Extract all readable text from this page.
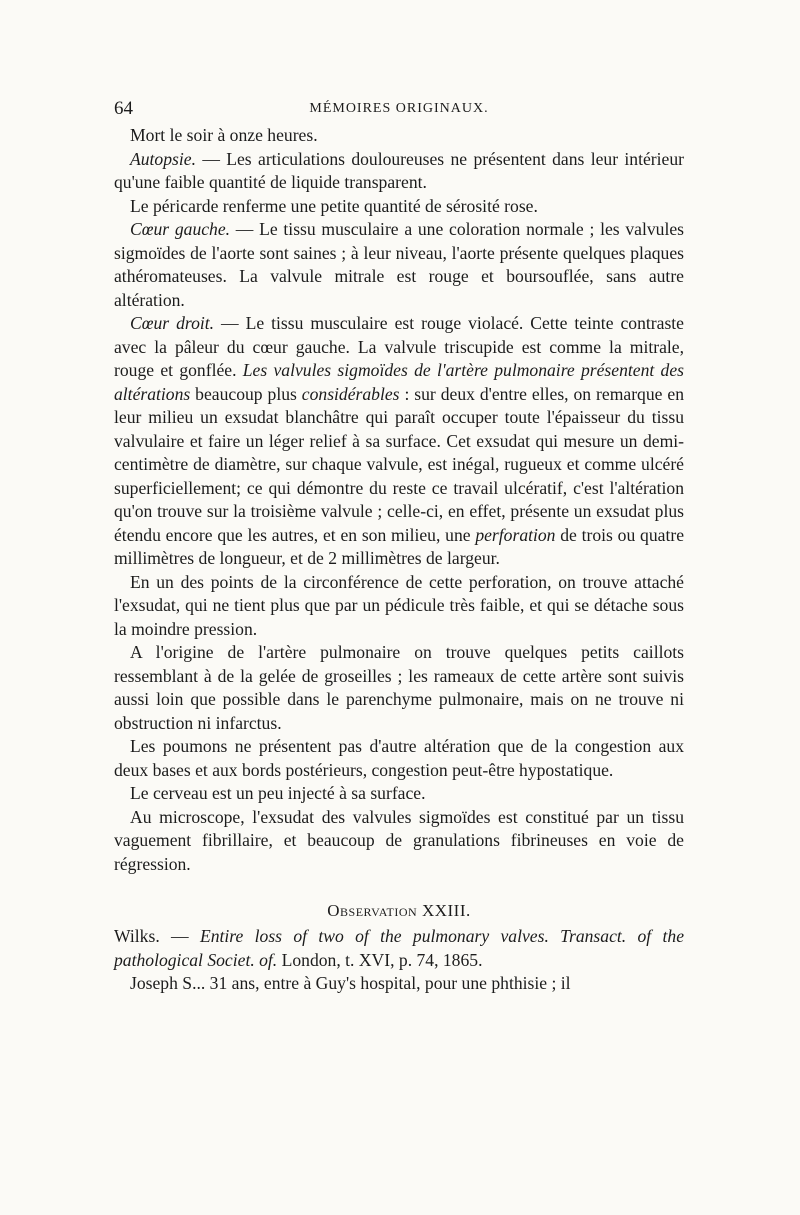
64	MÉMOIRES ORIGINAUX.

Mort le soir à onze heures.

Autopsie. — Les articulations douloureuses ne présentent dans leur intérieur qu'une faible quantité de liquide transparent.

Le péricarde renferme une petite quantité de sérosité rose.

Cœur gauche. — Le tissu musculaire a une coloration normale ; les valvules sigmoïdes de l'aorte sont saines ; à leur niveau, l'aorte présente quelques plaques athéromateuses. La valvule mitrale est rouge et boursouflée, sans autre altération.

Cœur droit. — Le tissu musculaire est rouge violacé. Cette teinte contraste avec la pâleur du cœur gauche. La valvule triscupide est comme la mitrale, rouge et gonflée. Les valvules sigmoïdes de l'artère pulmonaire présentent des altérations beaucoup plus considérables : sur deux d'entre elles, on remarque en leur milieu un exsudat blanchâtre qui paraît occuper toute l'épaisseur du tissu valvulaire et faire un léger relief à sa surface. Cet exsudat qui mesure un demi-centimètre de diamètre, sur chaque valvule, est inégal, rugueux et comme ulcéré superficiellement; ce qui démontre du reste ce travail ulcératif, c'est l'altération qu'on trouve sur la troisième valvule ; celle-ci, en effet, présente un exsudat plus étendu encore que les autres, et en son milieu, une perforation de trois ou quatre millimètres de longueur, et de 2 millimètres de largeur.

En un des points de la circonférence de cette perforation, on trouve attaché l'exsudat, qui ne tient plus que par un pédicule très faible, et qui se détache sous la moindre pression.

A l'origine de l'artère pulmonaire on trouve quelques petits caillots ressemblant à de la gelée de groseilles ; les rameaux de cette artère sont suivis aussi loin que possible dans le parenchyme pulmonaire, mais on ne trouve ni obstruction ni infarctus.

Les poumons ne présentent pas d'autre altération que de la congestion aux deux bases et aux bords postérieurs, congestion peut-être hypostatique.

Le cerveau est un peu injecté à sa surface.

Au microscope, l'exsudat des valvules sigmoïdes est constitué par un tissu vaguement fibrillaire, et beaucoup de granulations fibrineuses en voie de régression.

Observation XXIII.

Wilks. — Entire loss of two of the pulmonary valves. Transact. of the pathological Societ. of. London, t. XVI, p. 74, 1865.

Joseph S... 31 ans, entre à Guy's hospital, pour une phthisie ; il
